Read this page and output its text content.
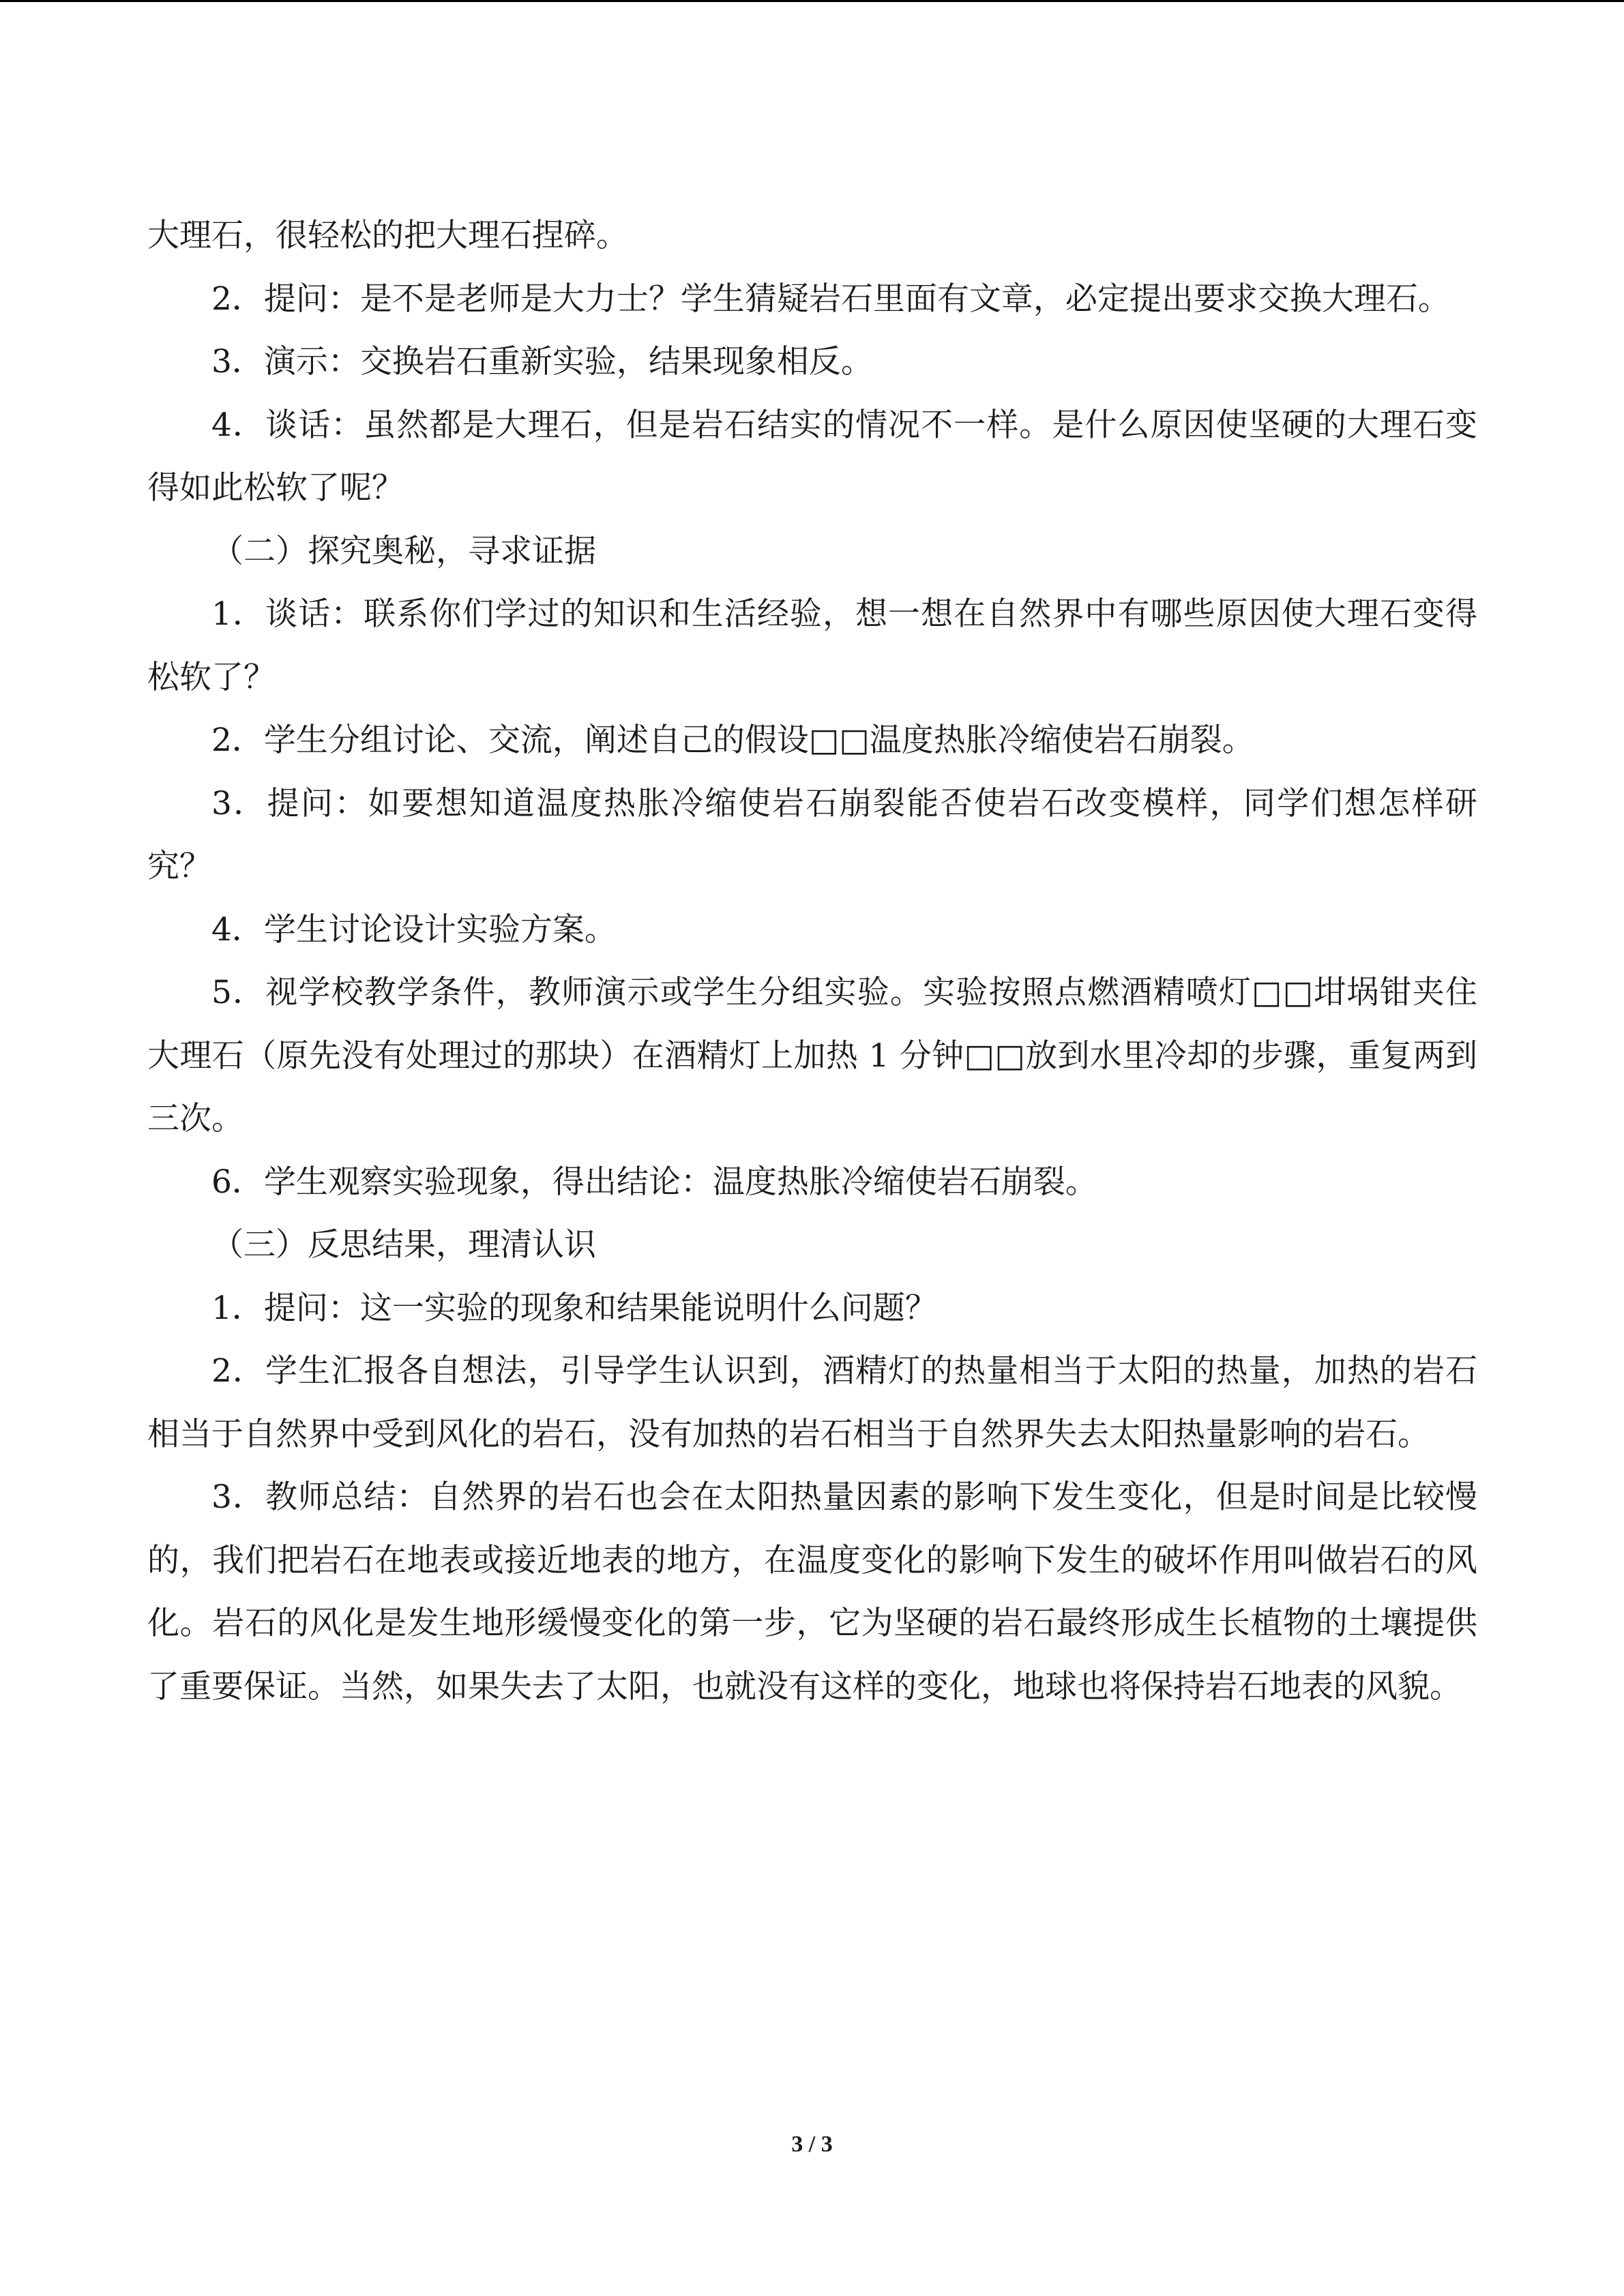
大理石，很轻松的把大理石捏碎。

2．提问：是不是老师是大力士？学生猜疑岩石里面有文章，必定提出要求交换大理石。

3．演示：交换岩石重新实验，结果现象相反。

4．谈话：虽然都是大理石，但是岩石结实的情况不一样。是什么原因使坚硬的大理石变得如此松软了呢？

（二）探究奥秘，寻求证据

1．谈话：联系你们学过的知识和生活经验，想一想在自然界中有哪些原因使大理石变得松软了？

2．学生分组讨论、交流，阐述自己的假设□□温度热胀冷缩使岩石崩裂。

3．提问：如要想知道温度热胀冷缩使岩石崩裂能否使岩石改变模样，同学们想怎样研究？

4．学生讨论设计实验方案。

5．视学校教学条件，教师演示或学生分组实验。实验按照点燃酒精喷灯□□坩埚钳夹住大理石（原先没有处理过的那块）在酒精灯上加热 1 分钟□□放到水里冷却的步骤，重复两到三次。

6．学生观察实验现象，得出结论：温度热胀冷缩使岩石崩裂。

（三）反思结果，理清认识

1．提问：这一实验的现象和结果能说明什么问题？

2．学生汇报各自想法，引导学生认识到，酒精灯的热量相当于太阳的热量，加热的岩石相当于自然界中受到风化的岩石，没有加热的岩石相当于自然界失去太阳热量影响的岩石。

3．教师总结：自然界的岩石也会在太阳热量因素的影响下发生变化，但是时间是比较慢的，我们把岩石在地表或接近地表的地方，在温度变化的影响下发生的破坏作用叫做岩石的风化。岩石的风化是发生地形缓慢变化的第一步，它为坚硬的岩石最终形成生长植物的土壤提供了重要保证。当然，如果失去了太阳，也就没有这样的变化，地球也将保持岩石地表的风貌。

3 / 3
